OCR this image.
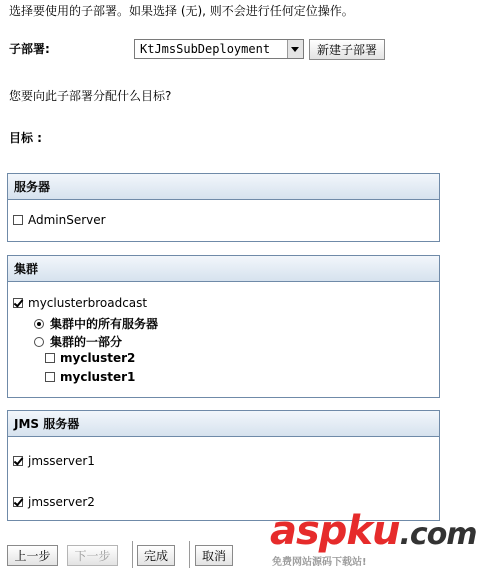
选择要使用的子部署。如果选择 (无), 则不会进行任何定位操作。
子部署:	KtJmsSubDeployment	新建子部署
您要向此子部署分配什么目标?
目标 :
服务器
AdminServer
集群
myclusterbroadcast
集群中的所有服务器
集群的一部分
mycluster2
mycluster1
JMS 服务器
jmsserver1
jmsserver2
上一步	下一步	完成	取消
aspku.com
免费网站源码下载站!
